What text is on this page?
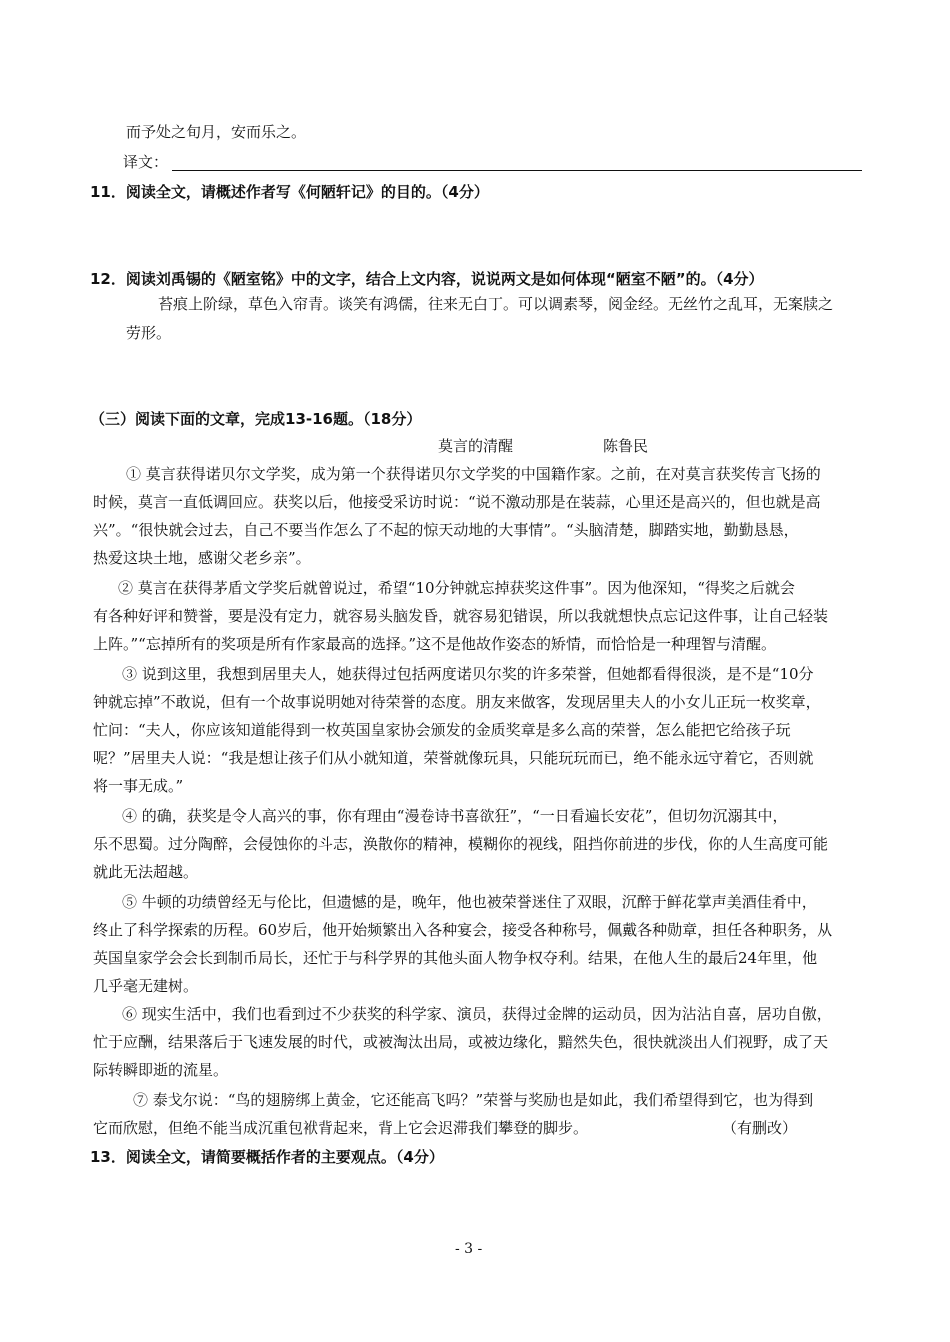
而予处之旬月，安而乐之。
译文：
11．阅读全文，请概述作者写《何陋轩记》的目的。（4分）
12．阅读刘禹锡的《陋室铭》中的文字，结合上文内容，说说两文是如何体现“陋室不陋”的。（4分）
苔痕上阶绿，草色入帘青。谈笑有鸿儒，往来无白丁。可以调素琴，阅金经。无丝竹之乱耳，无案牍之
劳形。
（三）阅读下面的文章，完成13-16题。（18分）
莫言的清醒	陈鲁民
① 莫言获得诺贝尔文学奖，成为第一个获得诺贝尔文学奖的中国籍作家。之前，在对莫言获奖传言飞扬的
时候，莫言一直低调回应。获奖以后，他接受采访时说：“说不激动那是在装蒜，心里还是高兴的，但也就是高
兴”。“很快就会过去，自己不要当作怎么了不起的惊天动地的大事情”。“头脑清楚，脚踏实地，勤勤恳恳，
热爱这块土地，感谢父老乡亲”。
② 莫言在获得茅盾文学奖后就曾说过，希望“10分钟就忘掉获奖这件事”。因为他深知，“得奖之后就会
有各种好评和赞誉，要是没有定力，就容易头脑发昏，就容易犯错误，所以我就想快点忘记这件事，让自己轻装
上阵。”“忘掉所有的奖项是所有作家最高的选择。”这不是他故作姿态的矫情，而恰恰是一种理智与清醒。
③ 说到这里，我想到居里夫人，她获得过包括两度诺贝尔奖的许多荣誉，但她都看得很淡，是不是“10分
钟就忘掉”不敢说，但有一个故事说明她对待荣誉的态度。朋友来做客，发现居里夫人的小女儿正玩一枚奖章，
忙问：“夫人，你应该知道能得到一枚英国皇家协会颁发的金质奖章是多么高的荣誉，怎么能把它给孩子玩
呢？”居里夫人说：“我是想让孩子们从小就知道，荣誉就像玩具，只能玩玩而已，绝不能永远守着它，否则就
将一事无成。”
④ 的确，获奖是令人高兴的事，你有理由“漫卷诗书喜欲狂”，“一日看遍长安花”，但切勿沉溺其中，
乐不思蜀。过分陶醉，会侵蚀你的斗志，涣散你的精神，模糊你的视线，阻挡你前进的步伐，你的人生高度可能
就此无法超越。
⑤ 牛顿的功绩曾经无与伦比，但遗憾的是，晚年，他也被荣誉迷住了双眼，沉醉于鲜花掌声美酒佳肴中，
终止了科学探索的历程。60岁后，他开始频繁出入各种宴会，接受各种称号，佩戴各种勋章，担任各种职务，从
英国皇家学会会长到制币局长，还忙于与科学界的其他头面人物争权夺利。结果，在他人生的最后24年里，他
几乎毫无建树。
⑥ 现实生活中，我们也看到过不少获奖的科学家、演员，获得过金牌的运动员，因为沾沾自喜，居功自傲，
忙于应酬，结果落后于飞速发展的时代，或被淘汰出局，或被边缘化，黯然失色，很快就淡出人们视野，成了天
际转瞬即逝的流星。
⑦ 泰戈尔说：“鸟的翅膀绑上黄金，它还能高飞吗？”荣誉与奖励也是如此，我们希望得到它，也为得到
它而欣慰，但绝不能当成沉重包袱背起来，背上它会迟滞我们攀登的脚步。	（有删改）
13．阅读全文，请简要概括作者的主要观点。（4分）
- 3 -
